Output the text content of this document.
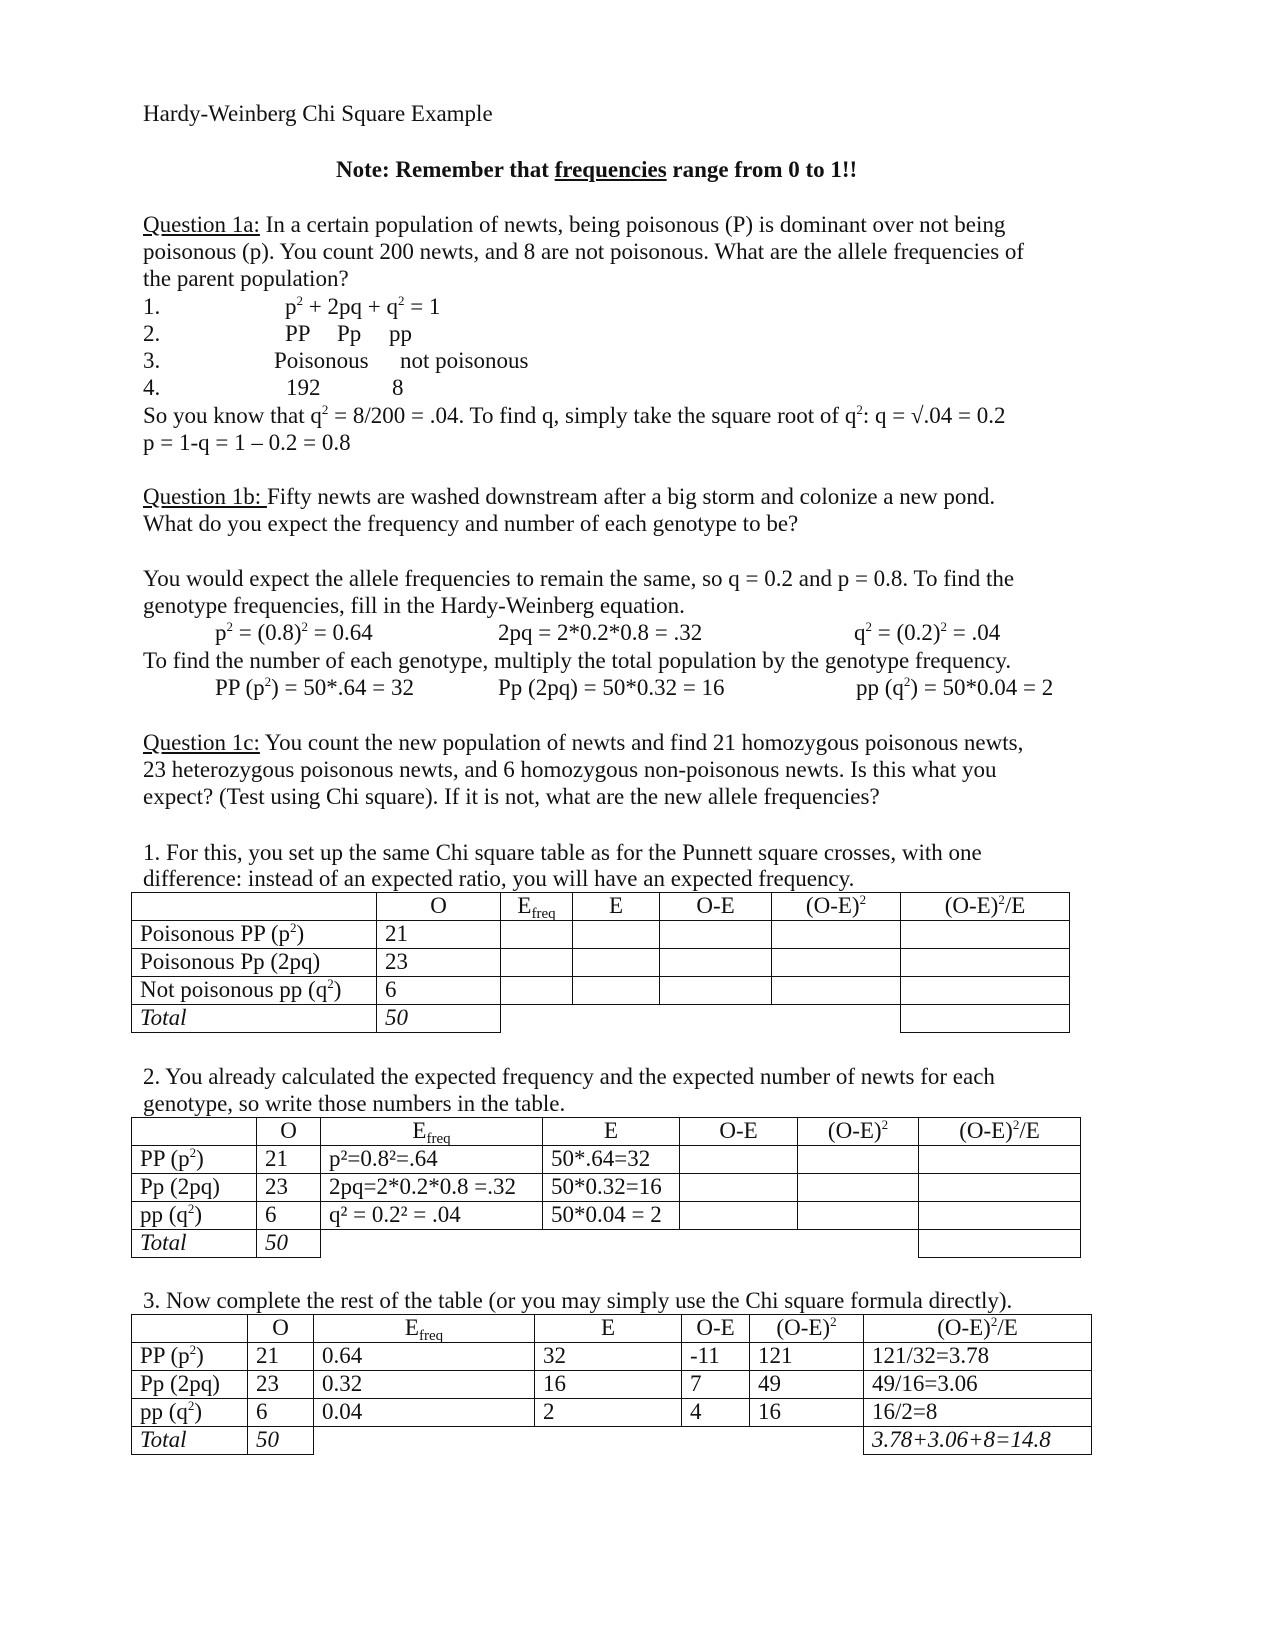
Hardy-Weinberg Chi Square Example
Note: Remember that frequencies range from 0 to 1!!
Question 1a: In a certain population of newts, being poisonous (P) is dominant over not being
poisonous (p). You count 200 newts, and 8 are not poisonous. What are the allele frequencies of
the parent population?
1.	$p^2 + 2pq + q^2 = 1$
2.	PP Pp pp
3.	Poisonous not poisonous
4.	192	8
So you know that $q^2 = 8/200 = .04$. To find q, simply take the square root of $q^2$: q = √.04 = 0.2
p = 1-q = 1 – 0.2 = 0.8
Question 1b: Fifty newts are washed downstream after a big storm and colonize a new pond.
What do you expect the frequency and number of each genotype to be?
You would expect the allele frequencies to remain the same, so q = 0.2 and p = 0.8. To find the
genotype frequencies, fill in the Hardy-Weinberg equation.
$p^2 = (0.8)^2 = 0.64$	2pq = 2*0.2*0.8 = .32	$q^2 = (0.2)^2 = .04$
To find the number of each genotype, multiply the total population by the genotype frequency.
PP $(p^2) = 50*.64 = 32$	Pp (2pq) = 50*0.32 = 16	pp $(q^2) = 50*0.04 = 2$
Question 1c: You count the new population of newts and find 21 homozygous poisonous newts,
23 heterozygous poisonous newts, and 6 homozygous non-poisonous newts. Is this what you
expect? (Test using Chi square). If it is not, what are the new allele frequencies?
1. For this, you set up the same Chi square table as for the Punnett square crosses, with one
difference: instead of an expected ratio, you will have an expected frequency.
	O	$E_{freq}$	E	O-E	$(O-E)^2$	$(O-E)^2/E$
Poisonous PP $(p^2)$	21					
Poisonous Pp (2pq)	23					
Not poisonous pp $(q^2)$	6					
Total	50					
2. You already calculated the expected frequency and the expected number of newts for each
genotype, so write those numbers in the table.
	O	$E_{freq}$	E	O-E	$(O-E)^2$	$(O-E)^2/E$
PP $(p^2)$	21	p²=0.8²=.64	50*.64=32			
Pp (2pq)	23	2pq=2*0.2*0.8 =.32	50*0.32=16			
pp $(q^2)$	6	q² = 0.2² = .04	50*0.04 = 2			
Total	50					
3. Now complete the rest of the table (or you may simply use the Chi square formula directly).
	O	$E_{freq}$	E	O-E	$(O-E)^2$	$(O-E)^2/E$
PP $(p^2)$	21	0.64	32	-11	121	121/32=3.78
Pp (2pq)	23	0.32	16	7	49	49/16=3.06
pp $(q^2)$	6	0.04	2	4	16	16/2=8
Total	50					3.78+3.06+8=14.8
